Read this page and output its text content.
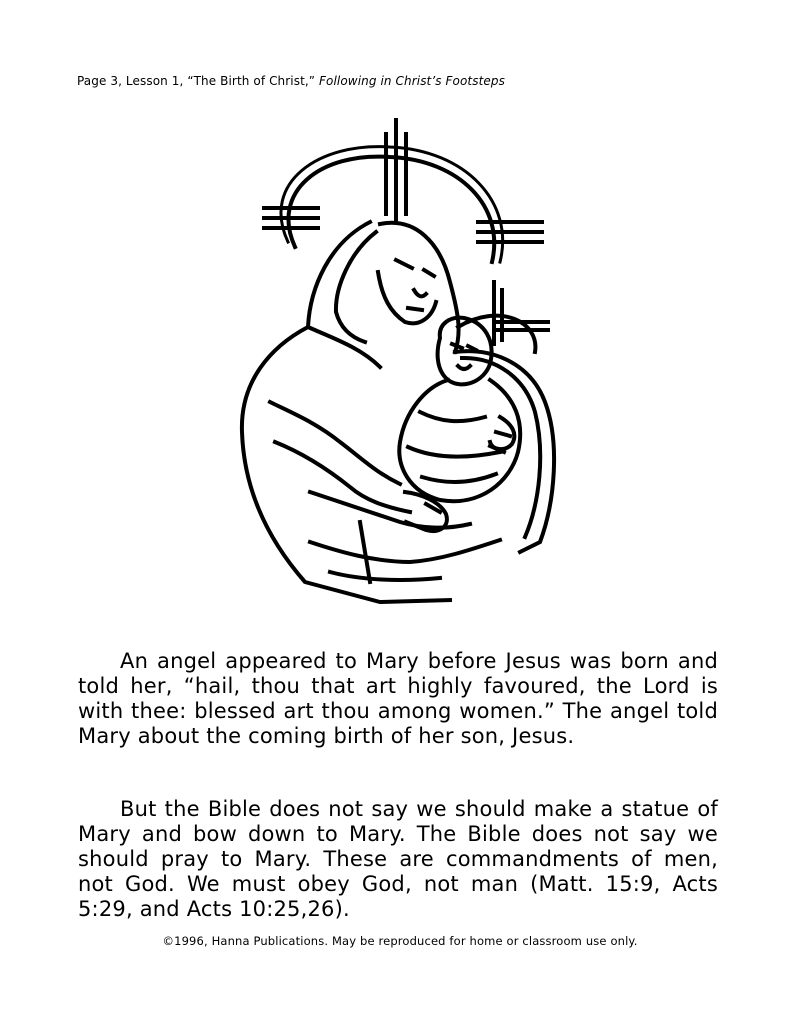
Page 3, Lesson 1, “The Birth of Christ,” Following in Christ’s Footsteps
An angel appeared to Mary before Jesus was born and told her, “hail, thou that art highly favoured, the Lord is with thee: blessed art thou among women.” The angel told Mary about the coming birth of her son, Jesus.
But the Bible does not say we should make a statue of Mary and bow down to Mary. The Bible does not say we should pray to Mary. These are commandments of men, not God. We must obey God, not man (Matt. 15:9, Acts 5:29, and Acts 10:25,26).
©1996, Hanna Publications. May be reproduced for home or classroom use only.
